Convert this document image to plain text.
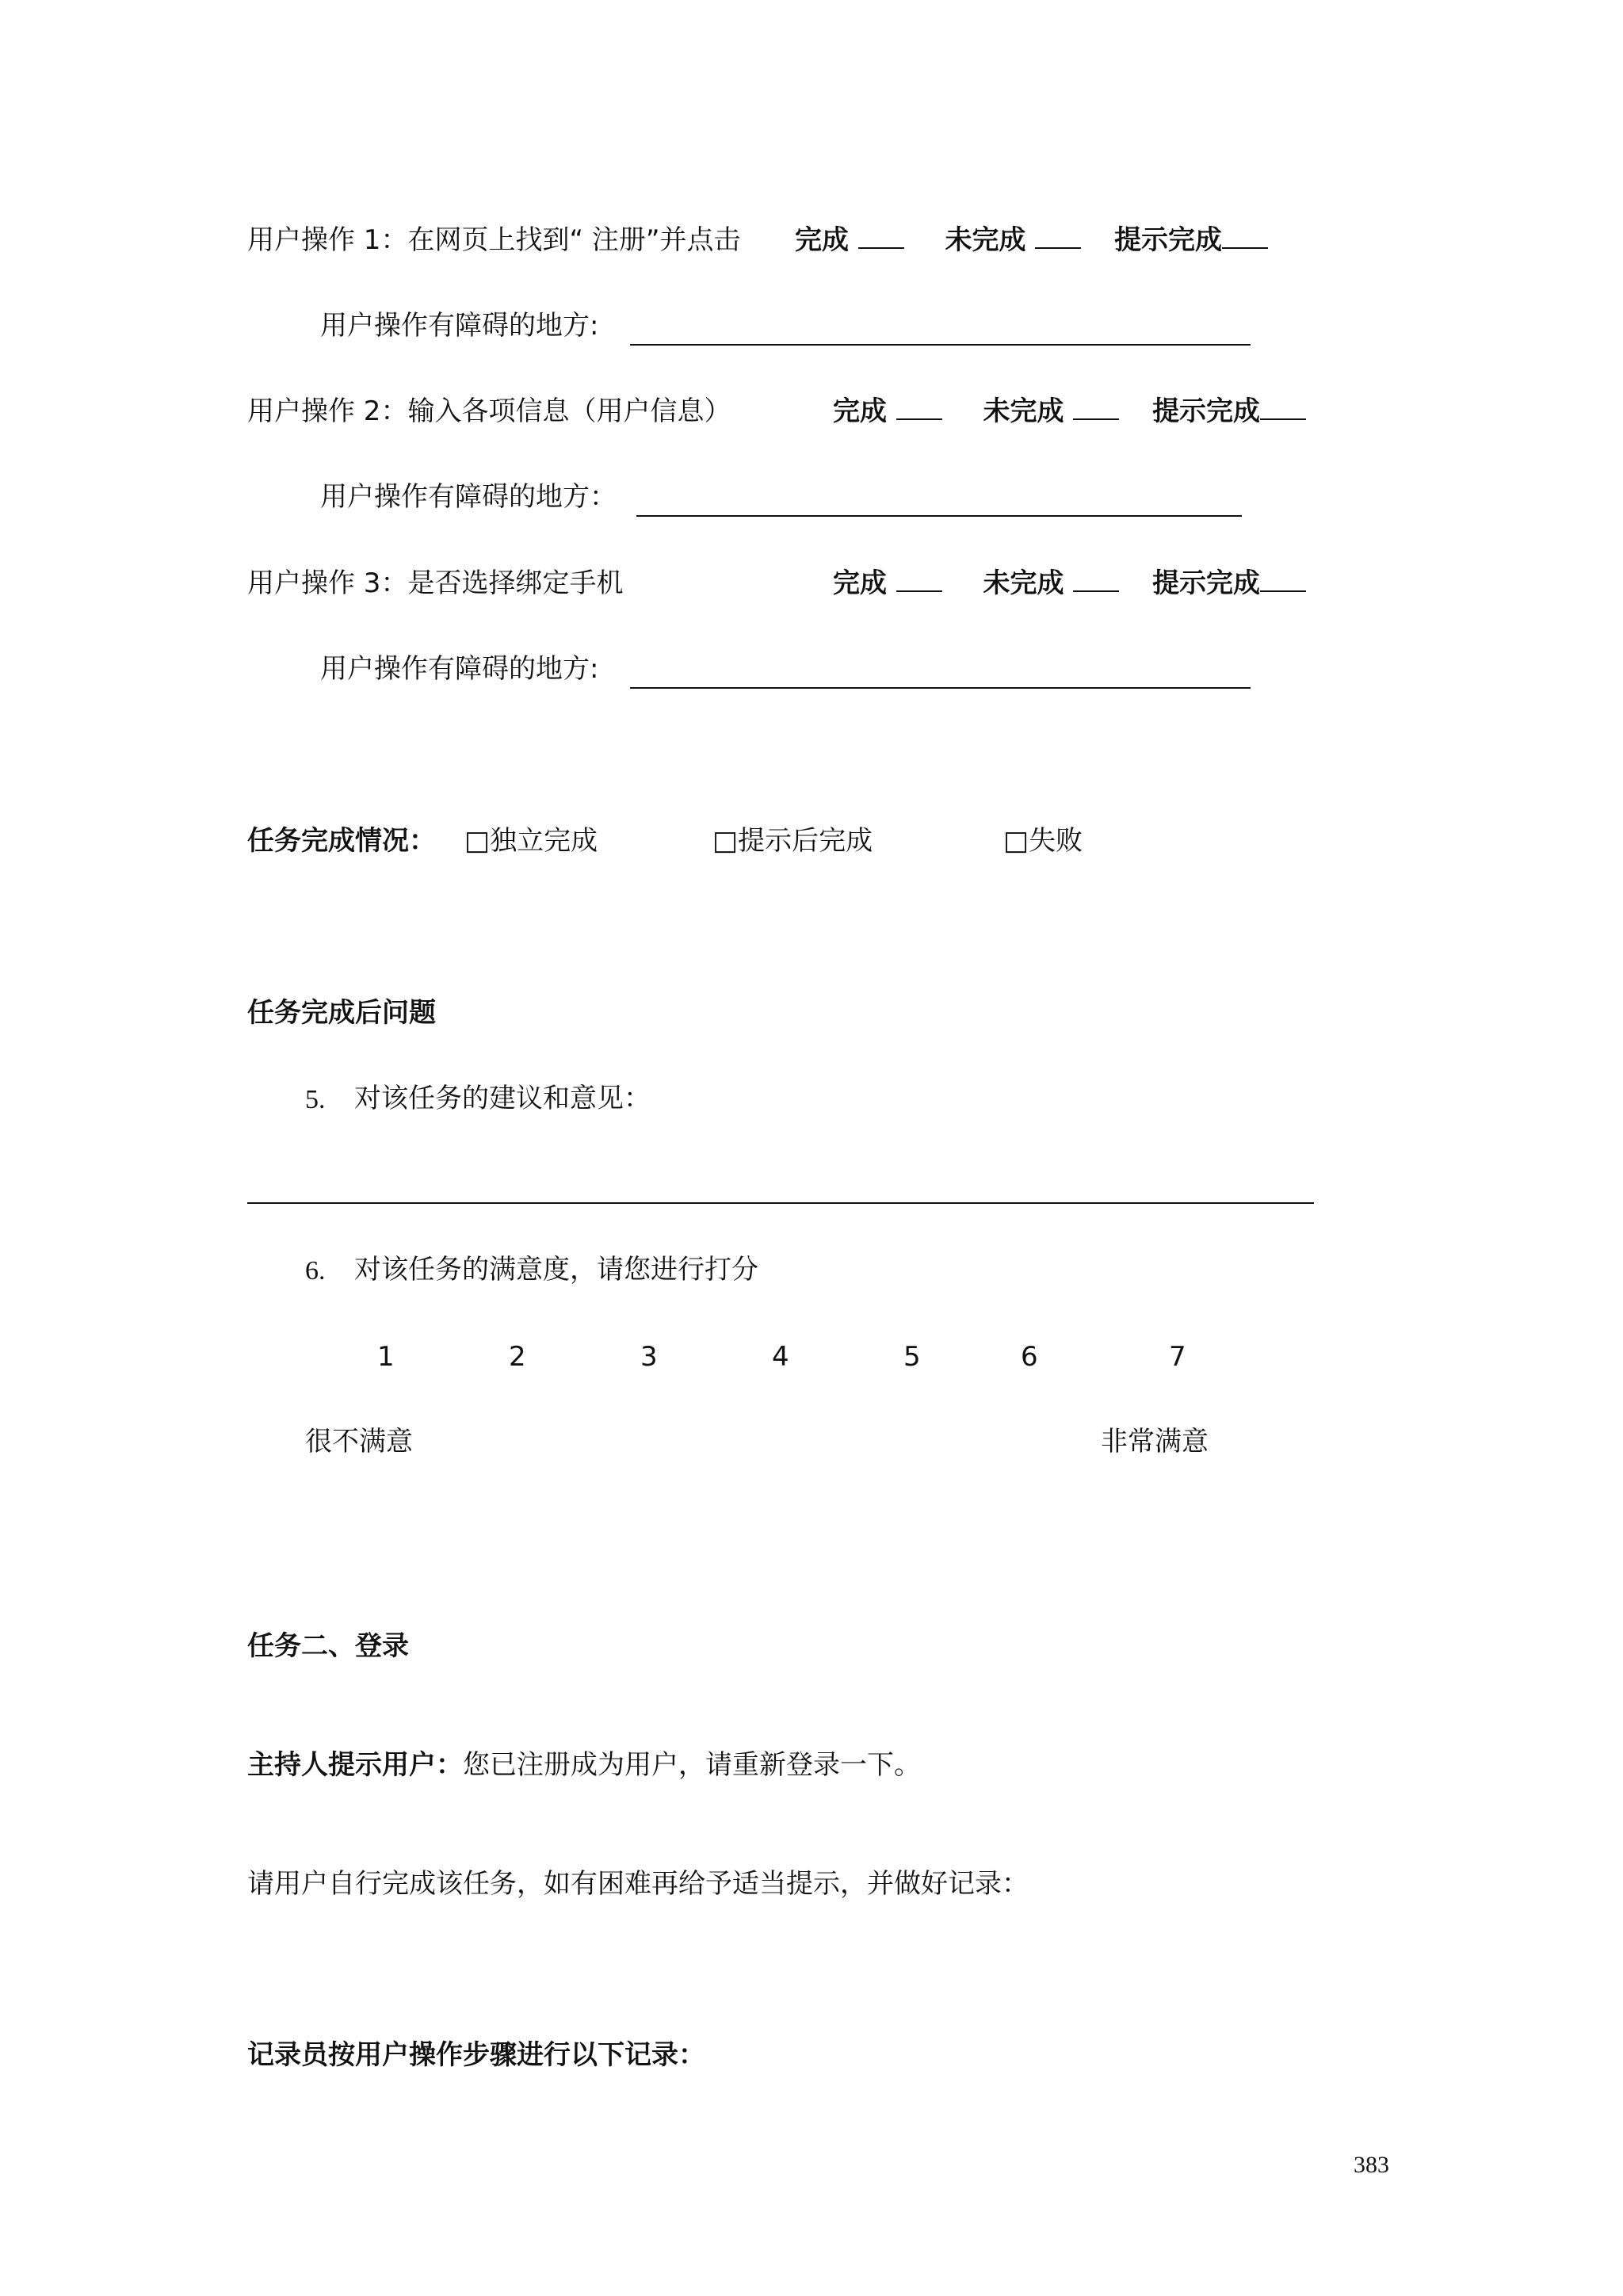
用户操作 1：在网页上找到“ 注册”并点击 完成	未完成	提示完成
用户操作有障碍的地方:
用户操作 2：输入各项信息（用户信息）	完成	未完成	提示完成
用户操作有障碍的地方：
用户操作 3：是否选择绑定手机	完成	未完成	提示完成
用户操作有障碍的地方:
任务完成情况： □独立完成	□提示后完成	□失败
任务完成后问题
5. 对该任务的建议和意见：
6. 对该任务的满意度，请您进行打分
1	2	3	4	5	6	7
很不满意	非常满意
任务二、登录
主持人提示用户：您已注册成为用户，请重新登录一下。
请用户自行完成该任务，如有困难再给予适当提示，并做好记录：
记录员按用户操作步骤进行以下记录：
383
